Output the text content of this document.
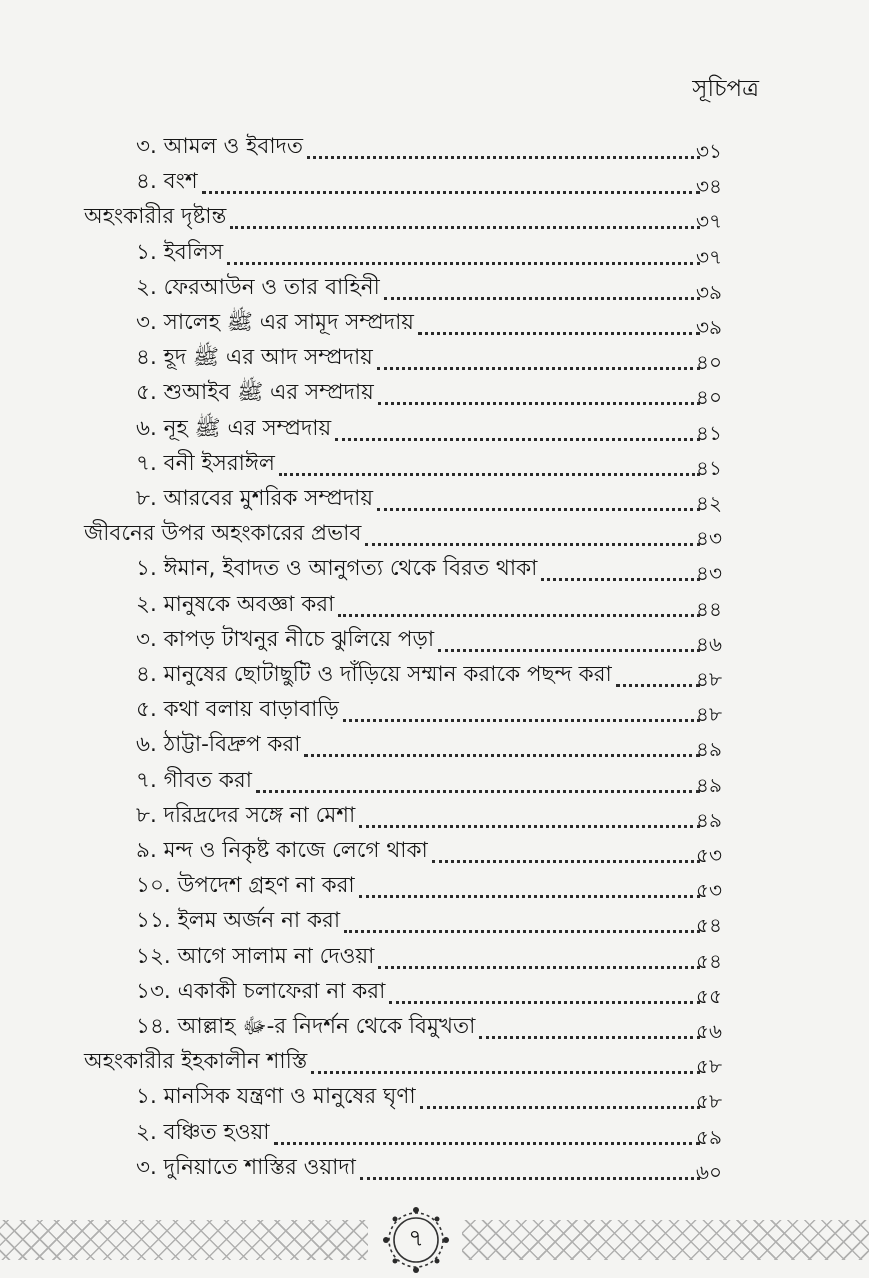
সূচিপত্র
৩. আমল ও ইবাদত	৩১
৪. বংশ	৩৪
অহংকারীর দৃষ্টান্ত	৩৭
১. ইবলিস	৩৭
২. ফেরআউন ও তার বাহিনী	৩৯
৩. সালেহ ﷺ এর সামূদ সম্প্রদায়	৩৯
৪. হূদ ﷺ এর আদ সম্প্রদায়	৪০
৫. শুআইব ﷺ এর সম্প্রদায়	৪০
৬. নূহ ﷺ এর সম্প্রদায়	৪১
৭. বনী ইসরাঈল	৪১
৮. আরবের মুশরিক সম্প্রদায়	৪২
জীবনের উপর অহংকারের প্রভাব	৪৩
১. ঈমান, ইবাদত ও আনুগত্য থেকে বিরত থাকা	৪৩
২. মানুষকে অবজ্ঞা করা	৪৪
৩. কাপড় টাখনুর নীচে ঝুলিয়ে পড়া	৪৬
৪. মানুষের ছোটাছুটি ও দাঁড়িয়ে সম্মান করাকে পছন্দ করা	৪৮
৫. কথা বলায় বাড়াবাড়ি	৪৮
৬. ঠাট্টা-বিদ্রুপ করা	৪৯
৭. গীবত করা	৪৯
৮. দরিদ্রদের সঙ্গে না মেশা	৪৯
৯. মন্দ ও নিকৃষ্ট কাজে লেগে থাকা	৫৩
১০. উপদেশ গ্রহণ না করা	৫৩
১১. ইলম অর্জন না করা	৫৪
১২. আগে সালাম না দেওয়া	৫৪
১৩. একাকী চলাফেরা না করা	৫৫
১৪. আল্লাহ ﷻ-র নিদর্শন থেকে বিমুখতা	৫৬
অহংকারীর ইহকালীন শাস্তি	৫৮
১. মানসিক যন্ত্রণা ও মানুষের ঘৃণা	৫৮
২. বঞ্চিত হওয়া	৫৯
৩. দুনিয়াতে শাস্তির ওয়াদা	৬০
৭
